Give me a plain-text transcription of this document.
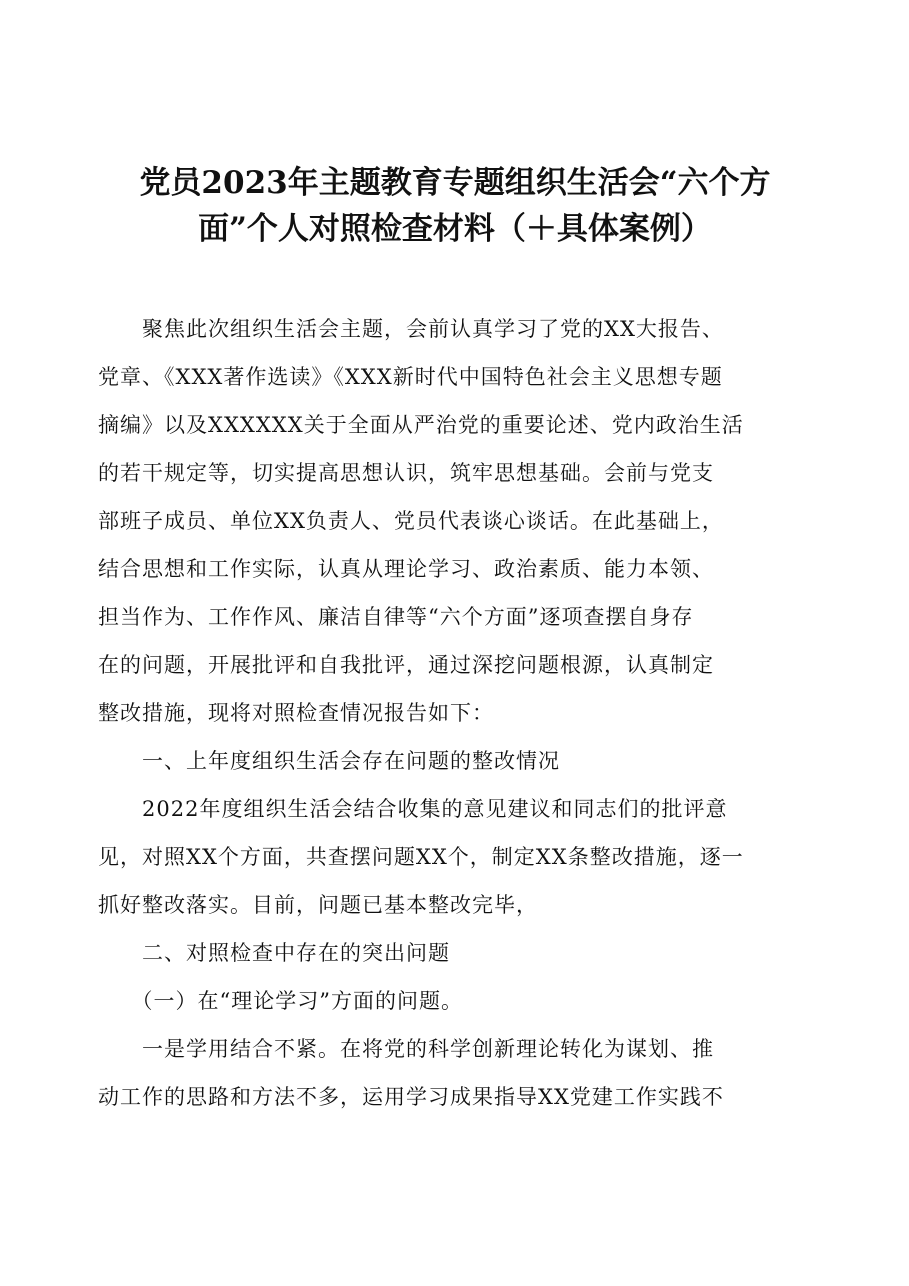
党员2023年主题教育专题组织生活会“六个方
面”个人对照检查材料（＋具体案例）

　　聚焦此次组织生活会主题，会前认真学习了党的XX大报告、

党章、《XXX著作选读》《XXX新时代中国特色社会主义思想专题

摘编》以及XXXXXX关于全面从严治党的重要论述、党内政治生活

的若干规定等，切实提高思想认识，筑牢思想基础。会前与党支

部班子成员、单位XX负责人、党员代表谈心谈话。在此基础上，

结合思想和工作实际，认真从理论学习、政治素质、能力本领、

担当作为、工作作风、廉洁自律等“六个方面”逐项查摆自身存

在的问题，开展批评和自我批评，通过深挖问题根源，认真制定

整改措施，现将对照检查情况报告如下：

　　一、上年度组织生活会存在问题的整改情况

　　2022年度组织生活会结合收集的意见建议和同志们的批评意

见，对照XX个方面，共查摆问题XX个，制定XX条整改措施，逐一

抓好整改落实。目前，问题已基本整改完毕，

　　二、对照检查中存在的突出问题

　　（一）在“理论学习”方面的问题。

　　一是学用结合不紧。在将党的科学创新理论转化为谋划、推

动工作的思路和方法不多，运用学习成果指导XX党建工作实践不
